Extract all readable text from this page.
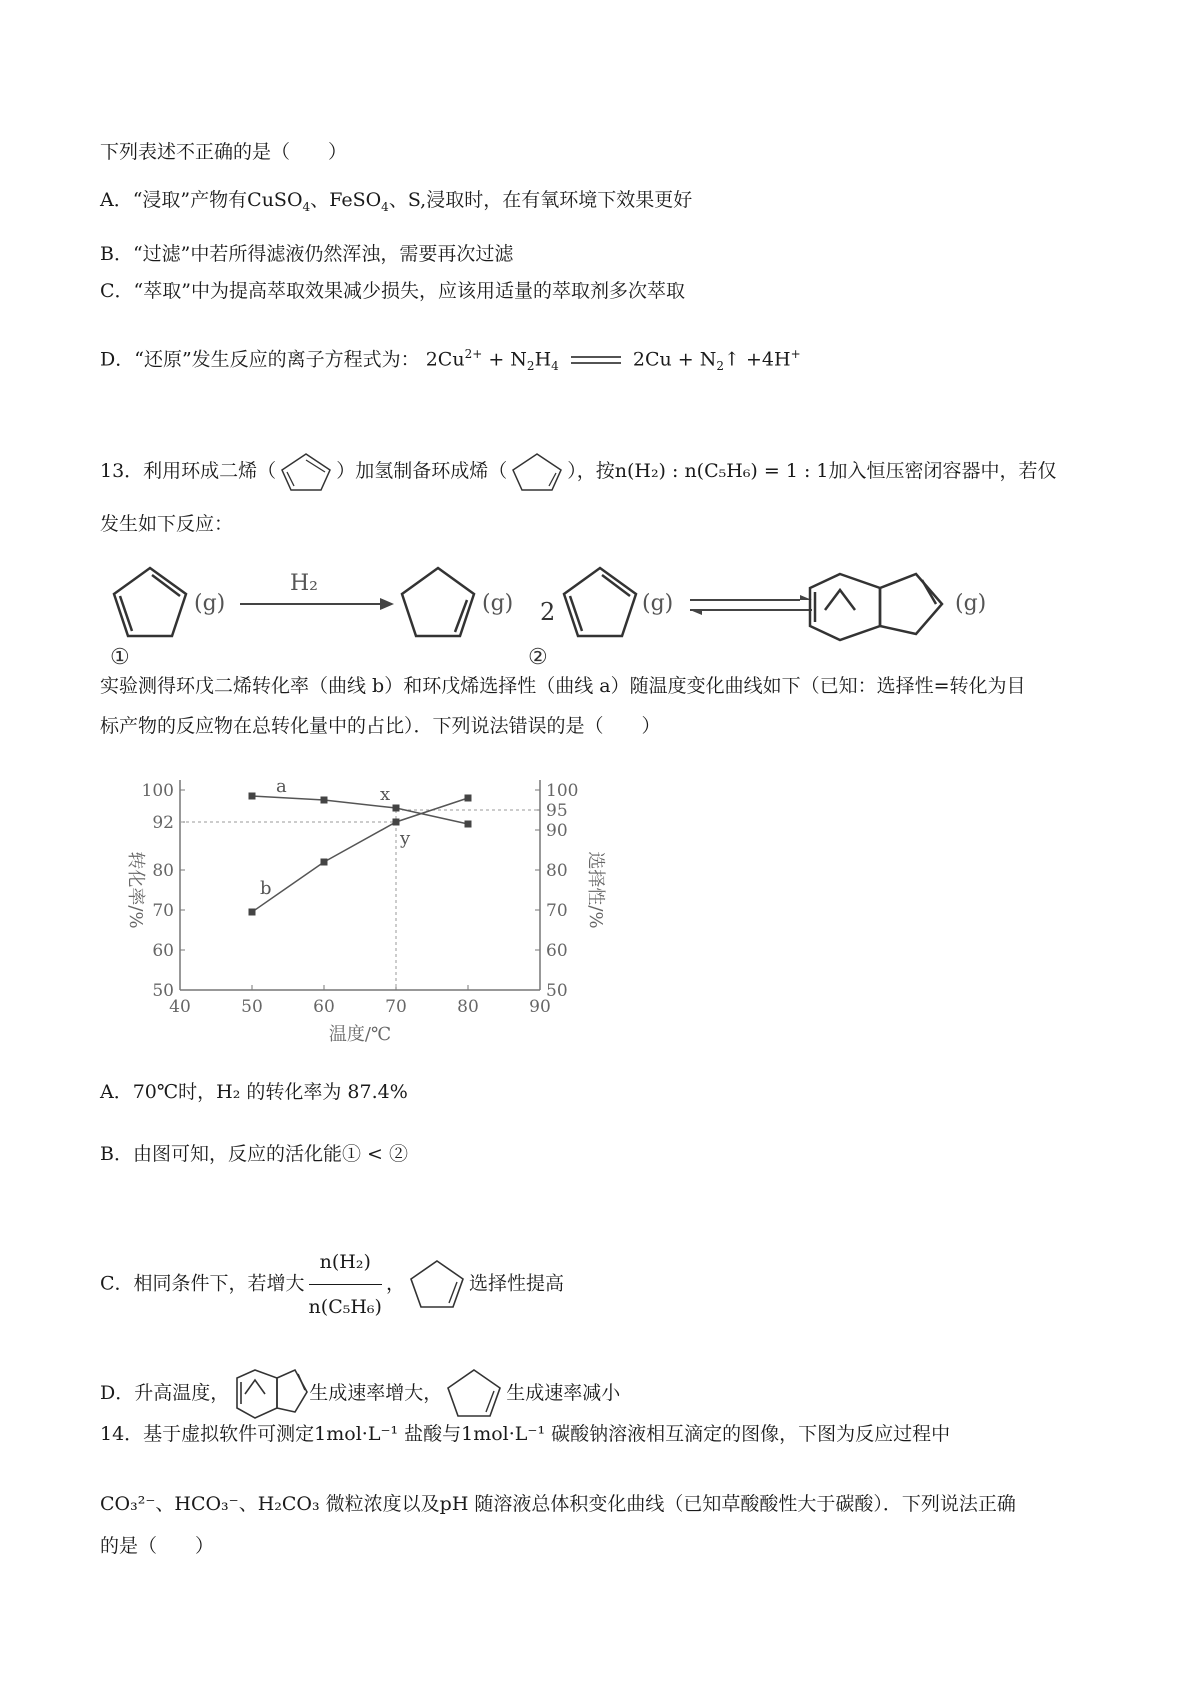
下列表述不正确的是（　　）
A．“浸取”产物有CuSO$_4$、FeSO$_4$、S,浸取时，在有氧环境下效果更好
B．“过滤”中若所得滤液仍然浑浊，需要再次过滤
C．“萃取”中为提高萃取效果减少损失，应该用适量的萃取剂多次萃取
D．“还原”发生反应的离子方程式为： $2Cu^{2+} + N_2H_4$	$2Cu + N_2↑ +4H^+$
13．利用环成二烯（	）加氢制备环成烯（	），按n(H₂) : n(C₅H₆) = 1 : 1加入恒压密闭容器中，若仅
发生如下反应：
(g)
H₂
(g)
①
2	(g)	(g)
②
实验测得环戊二烯转化率（曲线 b）和环戊烯选择性（曲线 a）随温度变化曲线如下（已知：选择性=转化为目
标产物的反应物在总转化量中的占比）．下列说法错误的是（　　）
40	50	60	70	80	90
50
60
70
80
92
100
50
60
70
80
90
95
100
a
b
x
y
温度/℃
转化率/%	选择性/%
A．70℃时，H₂ 的转化率为 87.4%
B．由图可知，反应的活化能① < ②
C．相同条件下，若增大 $\frac{\text{n(H₂)}}{\text{n(C₅H₆)}}$ ，	选择性提高
D．升高温度，	生成速率增大，	生成速率减小
14．基于虚拟软件可测定1mol·L⁻¹ 盐酸与1mol·L⁻¹ 碳酸钠溶液相互滴定的图像，下图为反应过程中
CO₃²⁻、HCO₃⁻、H₂CO₃ 微粒浓度以及pH 随溶液总体积变化曲线（已知草酸酸性大于碳酸）．下列说法正确
的是（　　）
